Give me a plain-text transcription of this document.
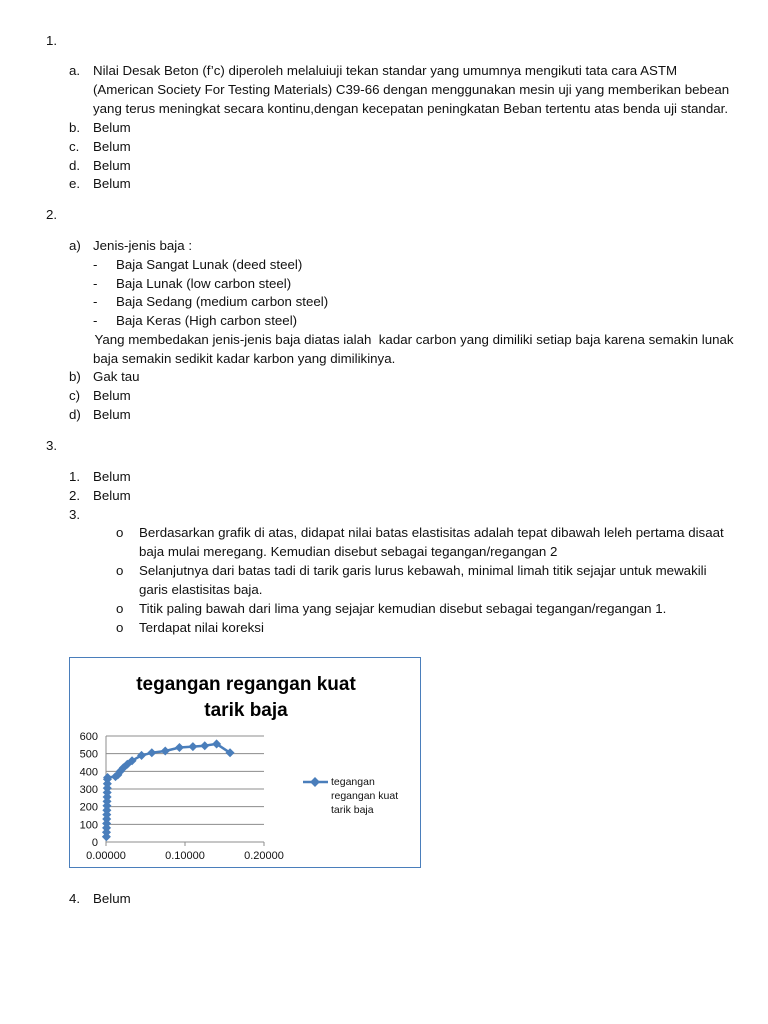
1.
a. Nilai Desak Beton (f’c) diperoleh melaluiuji tekan standar yang umumnya mengikuti tata cara ASTM
(American Society For Testing Materials) C39-66 dengan menggunakan mesin uji yang memberikan bebean
yang terus meningkat secara kontinu,dengan kecepatan peningkatan Beban tertentu atas benda uji standar.
b. Belum
c. Belum
d. Belum
e. Belum
2.
a) Jenis-jenis baja :
- Baja Sangat Lunak (deed steel)
- Baja Lunak (low carbon steel)
- Baja Sedang (medium carbon steel)
- Baja Keras (High carbon steel)
Yang membedakan jenis-jenis baja diatas ialah  kadar carbon yang dimiliki setiap baja karena semakin lunak
baja semakin sedikit kadar karbon yang dimilikinya.
b) Gak tau
c) Belum
d) Belum
3.
1. Belum
2. Belum
3.
o Berdasarkan grafik di atas, didapat nilai batas elastisitas adalah tepat dibawah leleh pertama disaat
baja mulai meregang. Kemudian disebut sebagai tegangan/regangan 2
o Selanjutnya dari batas tadi di tarik garis lurus kebawah, minimal limah titik sejajar untuk mewakili
garis elastisitas baja.
o Titik paling bawah dari lima yang sejajar kemudian disebut sebagai tegangan/regangan 1.
o Terdapat nilai koreksi
tegangan regangan kuat
tarik baja
0
100
200
300
400
500
600
0.00000	0.10000	0.20000
tegangan
regangan kuat
tarik baja
4. Belum
